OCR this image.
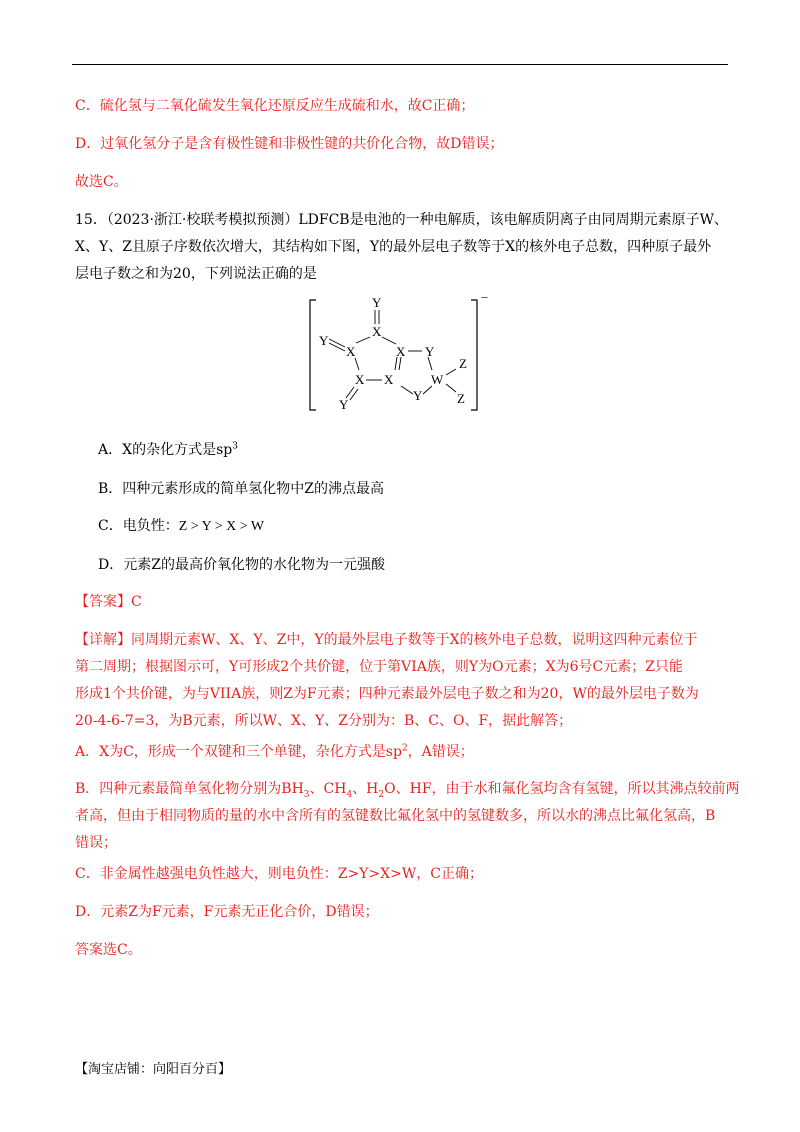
C．硫化氢与二氧化硫发生氧化还原反应生成硫和水，故C正确；
D．过氧化氢分子是含有极性键和非极性键的共价化合物，故D错误；
故选C。
15．（2023·浙江·校联考模拟预测）LDFCB是电池的一种电解质，该电解质阴离子由同周期元素原子W、
X、Y、Z且原子序数依次增大，其结构如下图，Y的最外层电子数等于X的核外电子总数，四种原子最外
层电子数之和为20，下列说法正确的是
−
Y
X
Y
X	X Y
X X	W
Z
Z
Y
Y
A．X的杂化方式是$sp^3$
B．四种元素形成的简单氢化物中Z的沸点最高
C．电负性：Z > Y > X > W
D．元素Z的最高价氧化物的水化物为一元强酸
【答案】C
【详解】同周期元素W、X、Y、Z中，Y的最外层电子数等于X的核外电子总数，说明这四种元素位于
第二周期；根据图示可，Y可形成2个共价键，位于第VIA族，则Y为O元素；X为6号C元素；Z只能
形成1个共价键，为与VIIA族，则Z为F元素；四种元素最外层电子数之和为20，W的最外层电子数为
20-4-6-7=3，为B元素，所以W、X、Y、Z分别为：B、C、O、F，据此解答；
A．X为C，形成一个双键和三个单键，杂化方式是$sp^2$，A错误；
B．四种元素最简单氢化物分别为$BH_3$、$CH_4$、$H_2O$、HF，由于水和氟化氢均含有氢键，所以其沸点较前两
者高，但由于相同物质的量的水中含所有的氢键数比氟化氢中的氢键数多，所以水的沸点比氟化氢高，B
错误；
C．非金属性越强电负性越大，则电负性：Z>Y>X>W，C正确；
D．元素Z为F元素，F元素无正化合价，D错误；
答案选C。
【淘宝店铺：向阳百分百】
